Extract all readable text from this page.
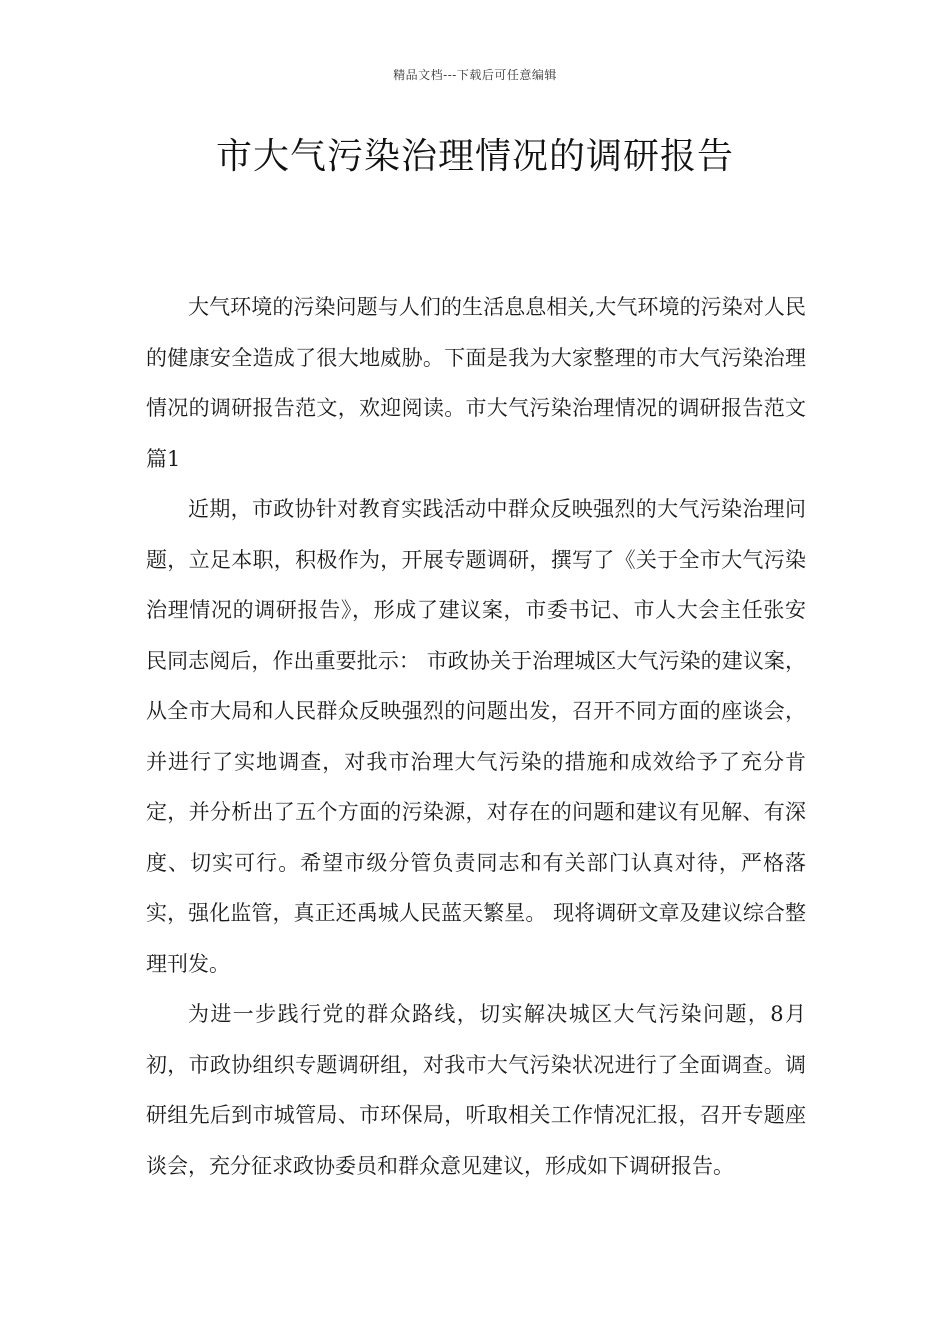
精品文档---下载后可任意编辑
市大气污染治理情况的调研报告

大气环境的污染问题与人们的生活息息相关,大气环境的污染对人民的健康安全造成了很大地威胁。下面是我为大家整理的市大气污染治理情况的调研报告范文，欢迎阅读。市大气污染治理情况的调研报告范文篇1

近期，市政协针对教育实践活动中群众反映强烈的大气污染治理问题，立足本职，积极作为，开展专题调研，撰写了《关于全市大气污染治理情况的调研报告》，形成了建议案，市委书记、市人大会主任张安民同志阅后，作出重要批示： 市政协关于治理城区大气污染的建议案，从全市大局和人民群众反映强烈的问题出发，召开不同方面的座谈会，并进行了实地调查，对我市治理大气污染的措施和成效给予了充分肯定，并分析出了五个方面的污染源，对存在的问题和建议有见解、有深度、切实可行。希望市级分管负责同志和有关部门认真对待，严格落实，强化监管，真正还禹城人民蓝天繁星。 现将调研文章及建议综合整理刊发。

为进一步践行党的群众路线，切实解决城区大气污染问题，8月初，市政协组织专题调研组，对我市大气污染状况进行了全面调查。调研组先后到市城管局、市环保局，听取相关工作情况汇报，召开专题座谈会，充分征求政协委员和群众意见建议，形成如下调研报告。
